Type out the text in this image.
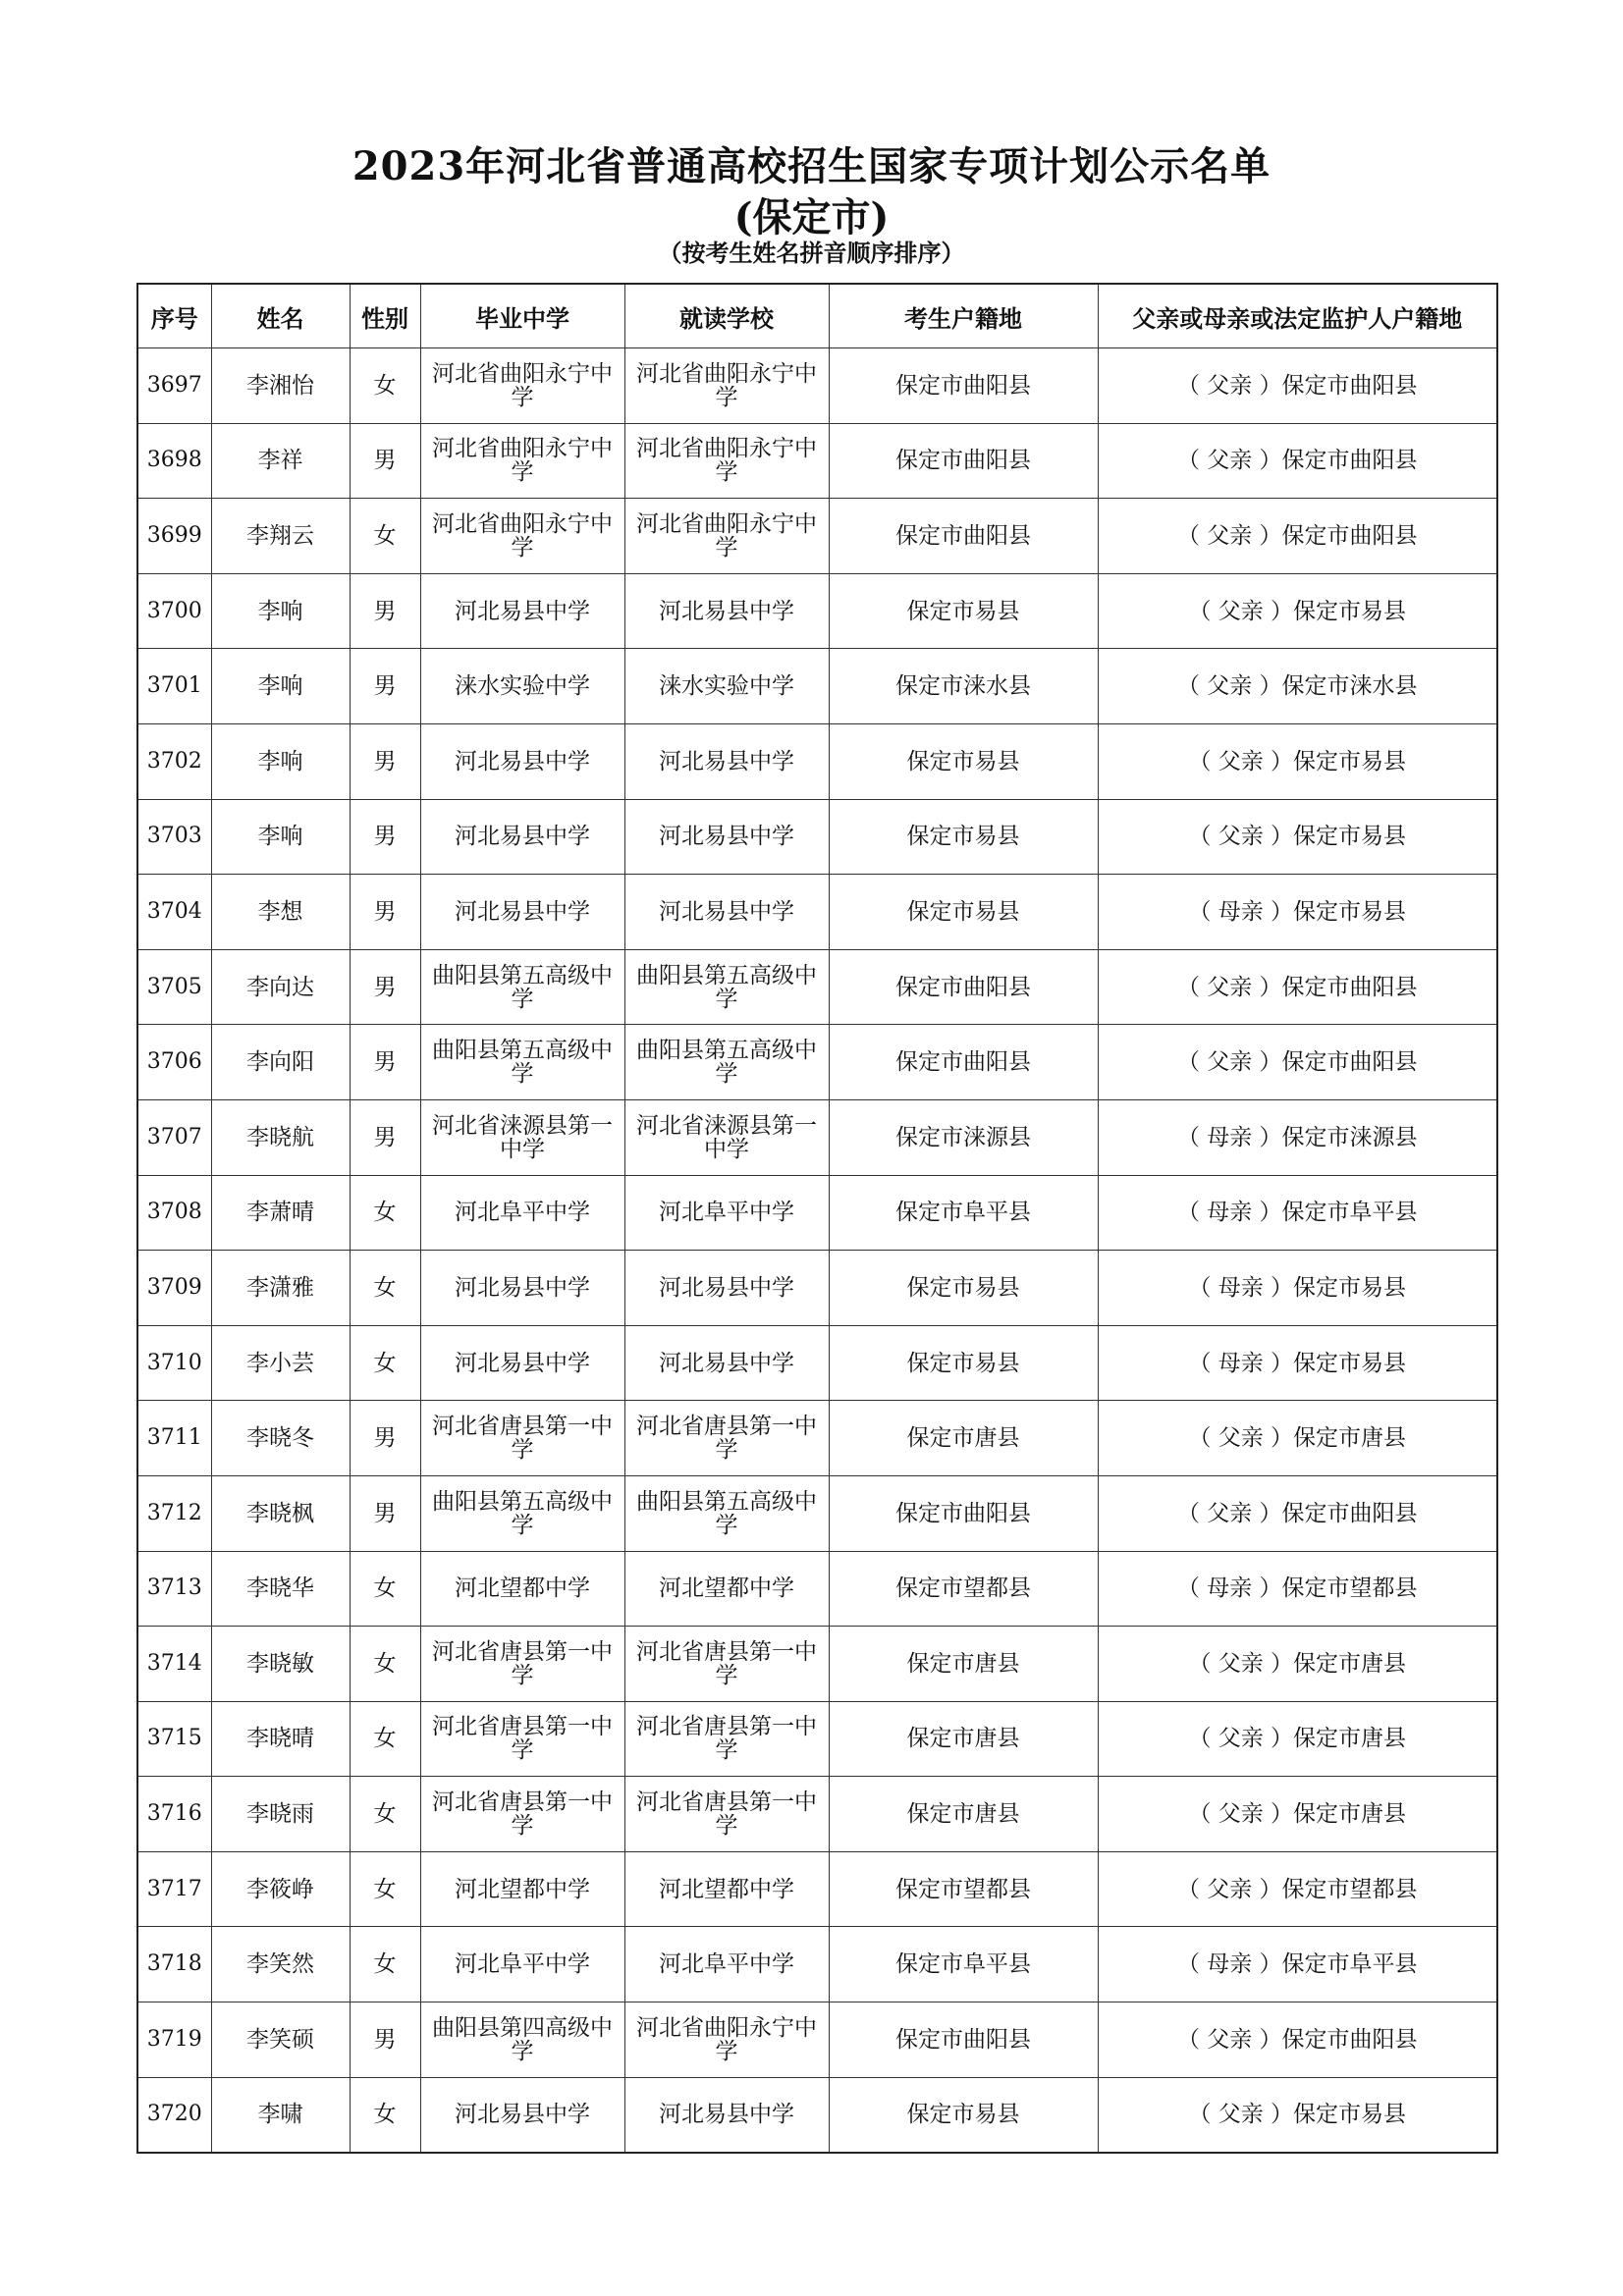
2023年河北省普通高校招生国家专项计划公示名单
(保定市)
（按考生姓名拼音顺序排序）
序号	姓名	性别	毕业中学	就读学校	考生户籍地	父亲或母亲或法定监护人户籍地
3697	李湘怡	女	河北省曲阳永宁中学	河北省曲阳永宁中学	保定市曲阳县	（ 父亲 ）保定市曲阳县
3698	李祥	男	河北省曲阳永宁中学	河北省曲阳永宁中学	保定市曲阳县	（ 父亲 ）保定市曲阳县
3699	李翔云	女	河北省曲阳永宁中学	河北省曲阳永宁中学	保定市曲阳县	（ 父亲 ）保定市曲阳县
3700	李响	男	河北易县中学	河北易县中学	保定市易县	（ 父亲 ）保定市易县
3701	李响	男	涞水实验中学	涞水实验中学	保定市涞水县	（ 父亲 ）保定市涞水县
3702	李响	男	河北易县中学	河北易县中学	保定市易县	（ 父亲 ）保定市易县
3703	李响	男	河北易县中学	河北易县中学	保定市易县	（ 父亲 ）保定市易县
3704	李想	男	河北易县中学	河北易县中学	保定市易县	（ 母亲 ）保定市易县
3705	李向达	男	曲阳县第五高级中学	曲阳县第五高级中学	保定市曲阳县	（ 父亲 ）保定市曲阳县
3706	李向阳	男	曲阳县第五高级中学	曲阳县第五高级中学	保定市曲阳县	（ 父亲 ）保定市曲阳县
3707	李晓航	男	河北省涞源县第一中学	河北省涞源县第一中学	保定市涞源县	（ 母亲 ）保定市涞源县
3708	李萧晴	女	河北阜平中学	河北阜平中学	保定市阜平县	（ 母亲 ）保定市阜平县
3709	李潇雅	女	河北易县中学	河北易县中学	保定市易县	（ 母亲 ）保定市易县
3710	李小芸	女	河北易县中学	河北易县中学	保定市易县	（ 母亲 ）保定市易县
3711	李晓冬	男	河北省唐县第一中学	河北省唐县第一中学	保定市唐县	（ 父亲 ）保定市唐县
3712	李晓枫	男	曲阳县第五高级中学	曲阳县第五高级中学	保定市曲阳县	（ 父亲 ）保定市曲阳县
3713	李晓华	女	河北望都中学	河北望都中学	保定市望都县	（ 母亲 ）保定市望都县
3714	李晓敏	女	河北省唐县第一中学	河北省唐县第一中学	保定市唐县	（ 父亲 ）保定市唐县
3715	李晓晴	女	河北省唐县第一中学	河北省唐县第一中学	保定市唐县	（ 父亲 ）保定市唐县
3716	李晓雨	女	河北省唐县第一中学	河北省唐县第一中学	保定市唐县	（ 父亲 ）保定市唐县
3717	李筱峥	女	河北望都中学	河北望都中学	保定市望都县	（ 父亲 ）保定市望都县
3718	李笑然	女	河北阜平中学	河北阜平中学	保定市阜平县	（ 母亲 ）保定市阜平县
3719	李笑硕	男	曲阳县第四高级中学	河北省曲阳永宁中学	保定市曲阳县	（ 父亲 ）保定市曲阳县
3720	李啸	女	河北易县中学	河北易县中学	保定市易县	（ 父亲 ）保定市易县
